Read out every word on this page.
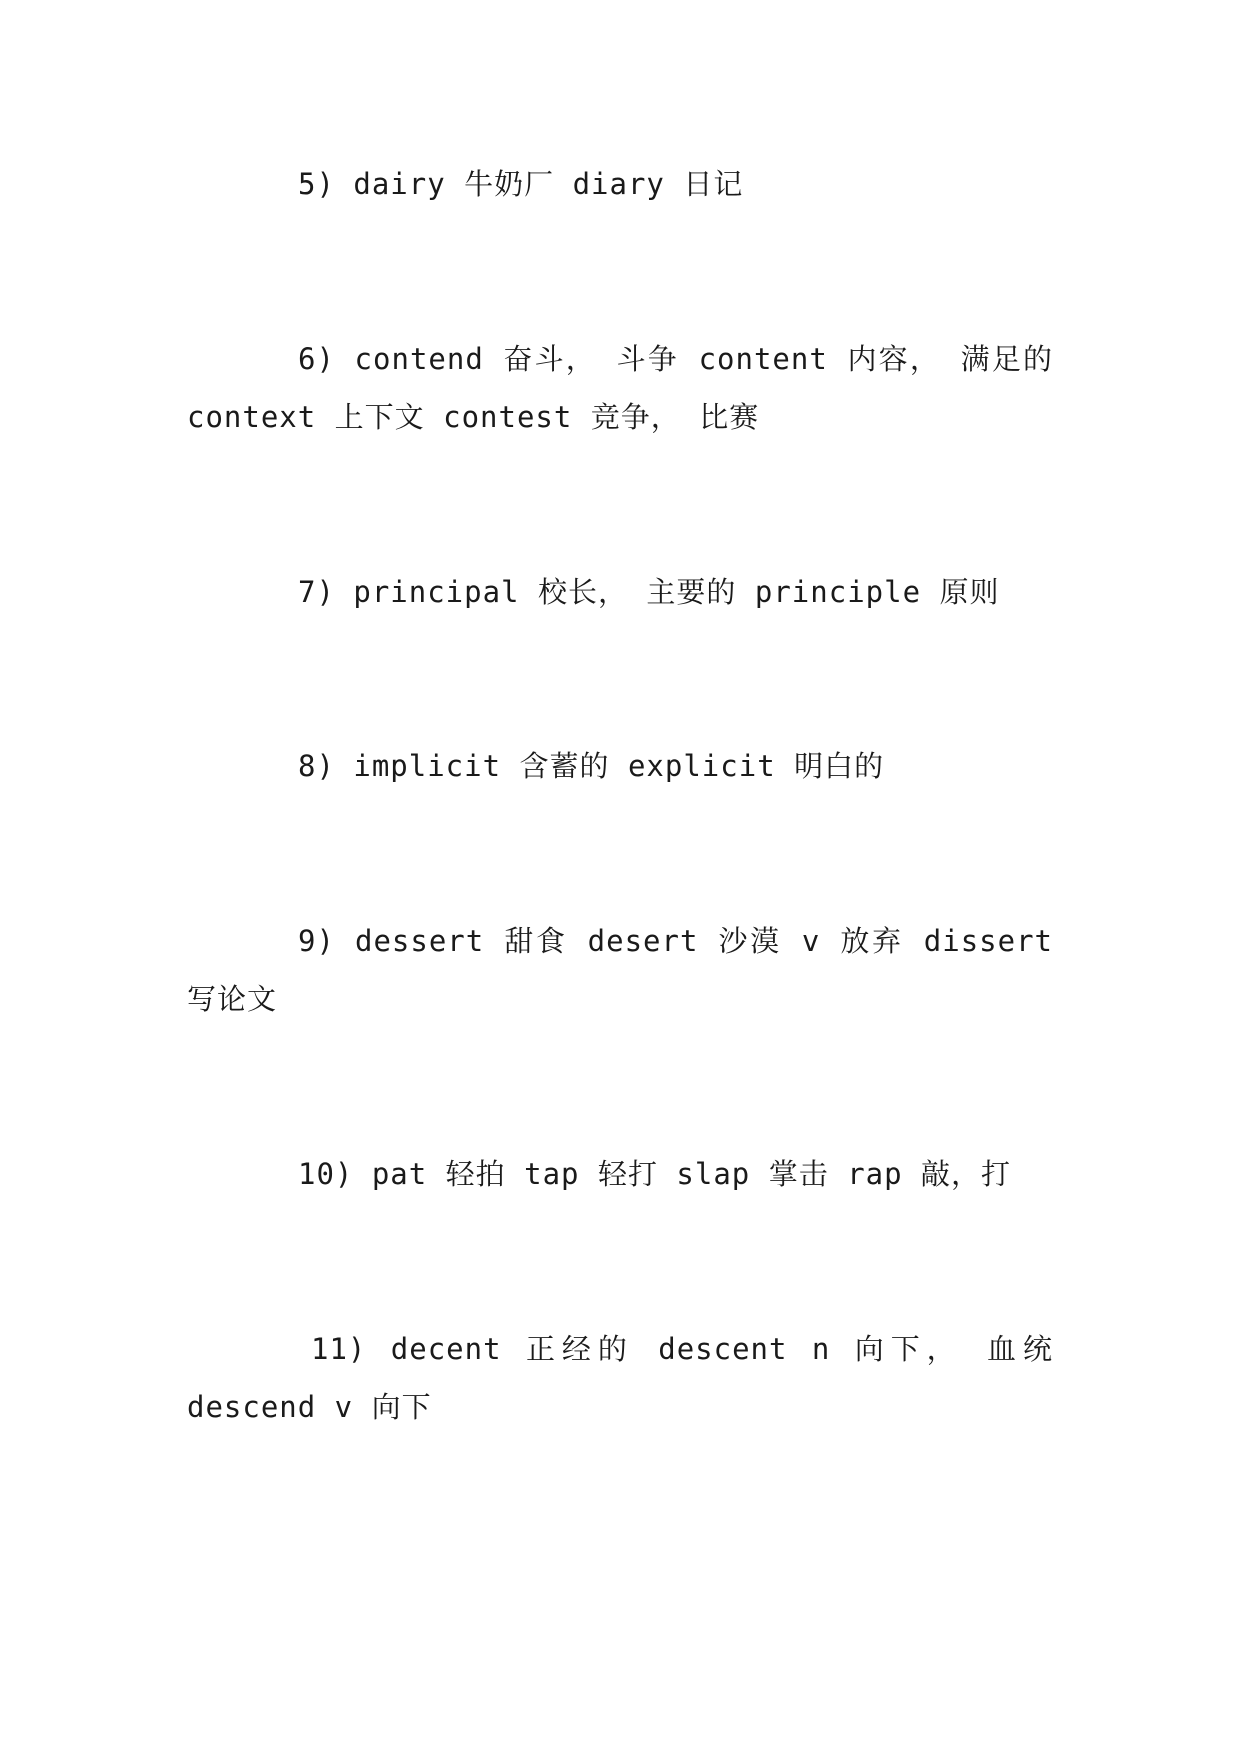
5) dairy 牛奶厂 diary 日记

6) contend 奋斗， 斗争 content 内容， 满足的 context 上下文 contest 竞争， 比赛

7) principal 校长， 主要的 principle 原则

8) implicit 含蓄的 explicit 明白的

9) dessert 甜食 desert 沙漠 v 放弃 dissert 写论文

10) pat 轻拍 tap 轻打 slap 掌击 rap 敲，打

11) decent 正经的 descent n 向下， 血统 descend v 向下
